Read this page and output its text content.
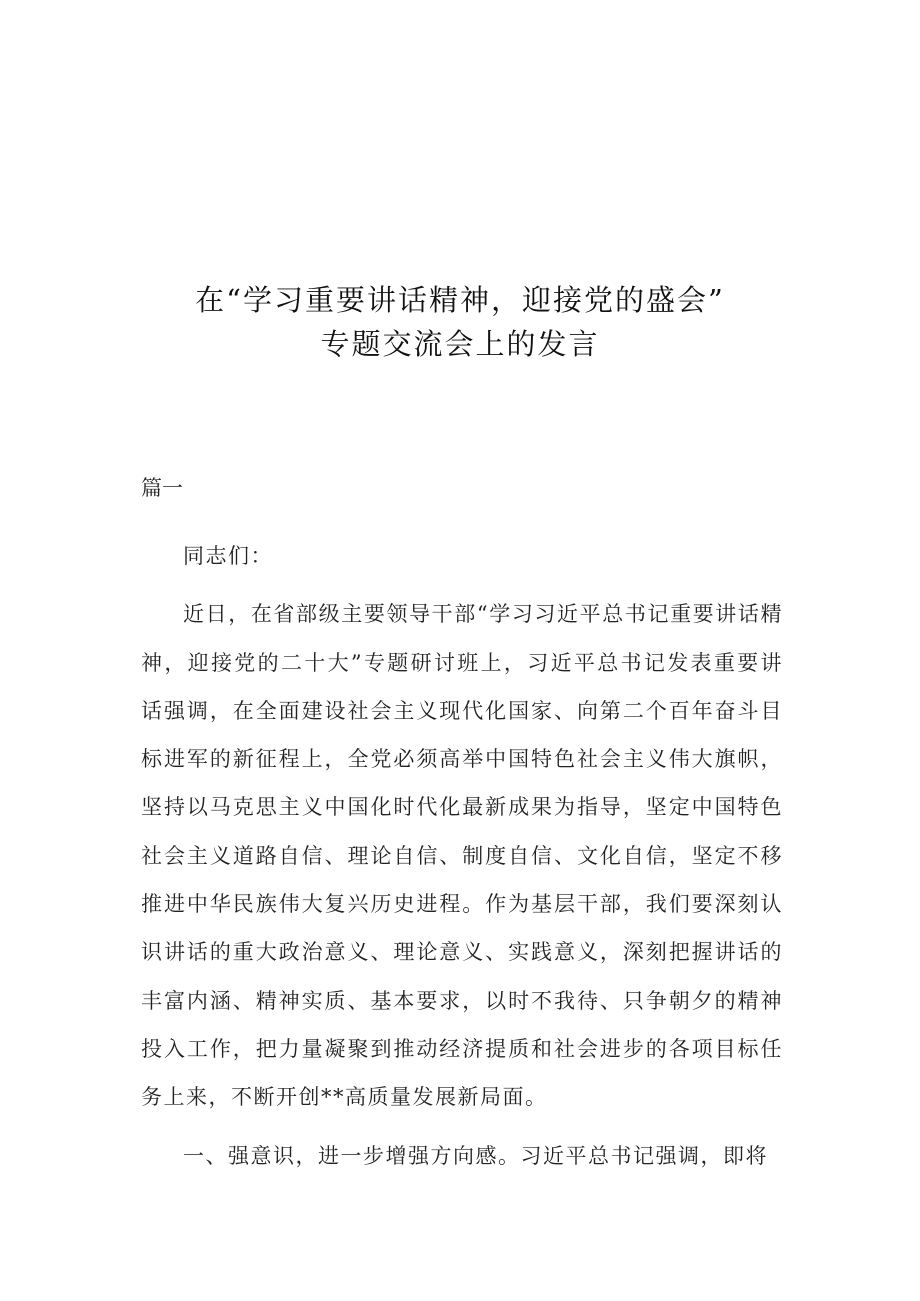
在“学习重要讲话精神，迎接党的盛会”
专题交流会上的发言
篇一

同志们：

近日，在省部级主要领导干部“学习习近平总书记重要讲话精神，迎接党的二十大”专题研讨班上，习近平总书记发表重要讲话强调，在全面建设社会主义现代化国家、向第二个百年奋斗目标进军的新征程上，全党必须高举中国特色社会主义伟大旗帜，坚持以马克思主义中国化时代化最新成果为指导，坚定中国特色社会主义道路自信、理论自信、制度自信、文化自信，坚定不移推进中华民族伟大复兴历史进程。作为基层干部，我们要深刻认识讲话的重大政治意义、理论意义、实践意义，深刻把握讲话的丰富内涵、精神实质、基本要求，以时不我待、只争朝夕的精神投入工作，把力量凝聚到推动经济提质和社会进步的各项目标任务上来，不断开创**高质量发展新局面。

一、强意识，进一步增强方向感。习近平总书记强调，即将
